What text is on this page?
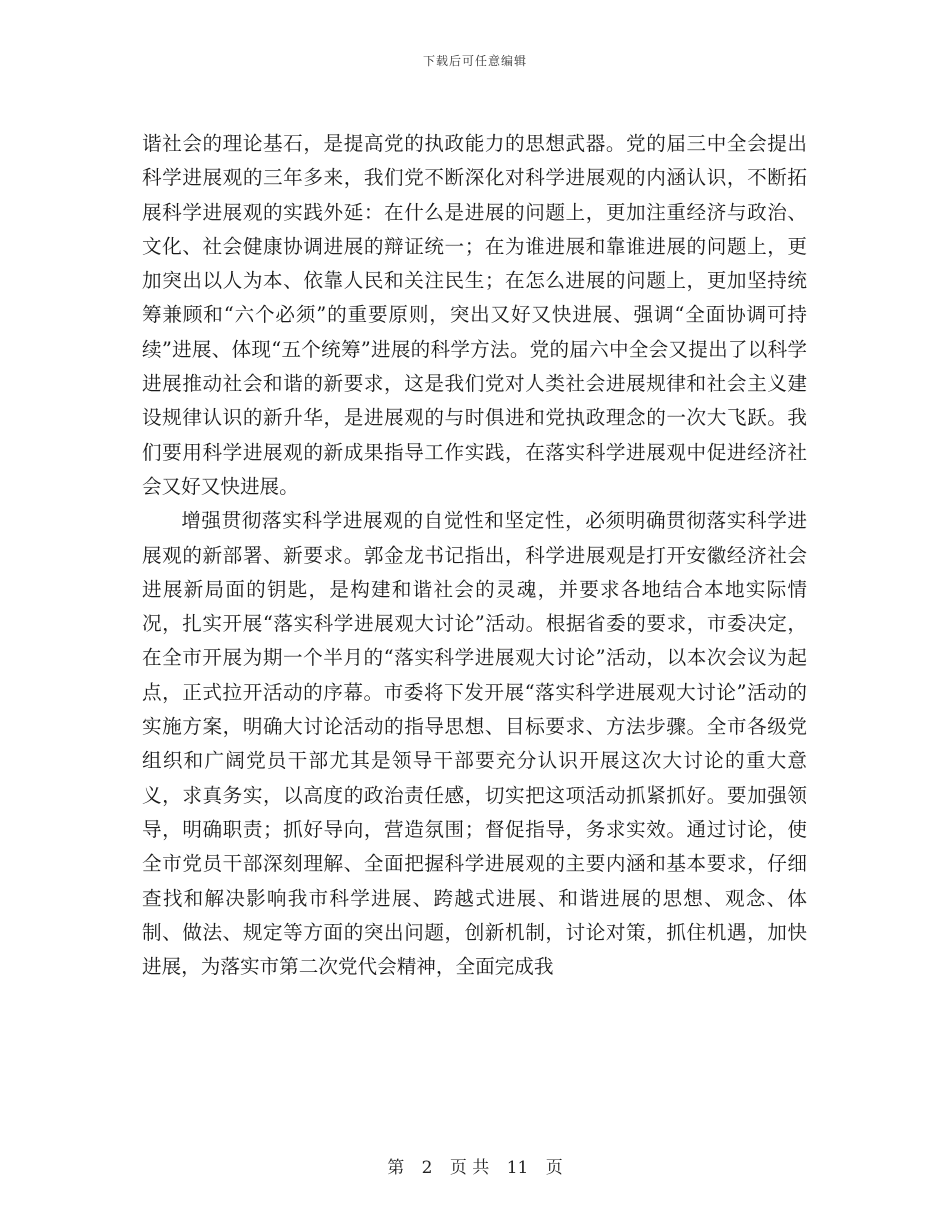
下载后可任意编辑

谐社会的理论基石，是提高党的执政能力的思想武器。党的届三中全会提出科学进展观的三年多来，我们党不断深化对科学进展观的内涵认识，不断拓展科学进展观的实践外延：在什么是进展的问题上，更加注重经济与政治、文化、社会健康协调进展的辩证统一；在为谁进展和靠谁进展的问题上，更加突出以人为本、依靠人民和关注民生；在怎么进展的问题上，更加坚持统筹兼顾和“六个必须”的重要原则，突出又好又快进展、强调“全面协调可持续”进展、体现“五个统筹”进展的科学方法。党的届六中全会又提出了以科学进展推动社会和谐的新要求，这是我们党对人类社会进展规律和社会主义建设规律认识的新升华，是进展观的与时俱进和党执政理念的一次大飞跃。我们要用科学进展观的新成果指导工作实践，在落实科学进展观中促进经济社会又好又快进展。

增强贯彻落实科学进展观的自觉性和坚定性，必须明确贯彻落实科学进展观的新部署、新要求。郭金龙书记指出，科学进展观是打开安徽经济社会进展新局面的钥匙，是构建和谐社会的灵魂，并要求各地结合本地实际情况，扎实开展“落实科学进展观大讨论”活动。根据省委的要求，市委决定，在全市开展为期一个半月的“落实科学进展观大讨论”活动，以本次会议为起点，正式拉开活动的序幕。市委将下发开展“落实科学进展观大讨论”活动的实施方案，明确大讨论活动的指导思想、目标要求、方法步骤。全市各级党组织和广阔党员干部尤其是领导干部要充分认识开展这次大讨论的重大意义，求真务实，以高度的政治责任感，切实把这项活动抓紧抓好。要加强领导，明确职责；抓好导向，营造氛围；督促指导，务求实效。通过讨论，使全市党员干部深刻理解、全面把握科学进展观的主要内涵和基本要求，仔细查找和解决影响我市科学进展、跨越式进展、和谐进展的思想、观念、体制、做法、规定等方面的突出问题，创新机制，讨论对策，抓住机遇，加快进展，为落实市第二次党代会精神，全面完成我

第 2 页 共 11 页
